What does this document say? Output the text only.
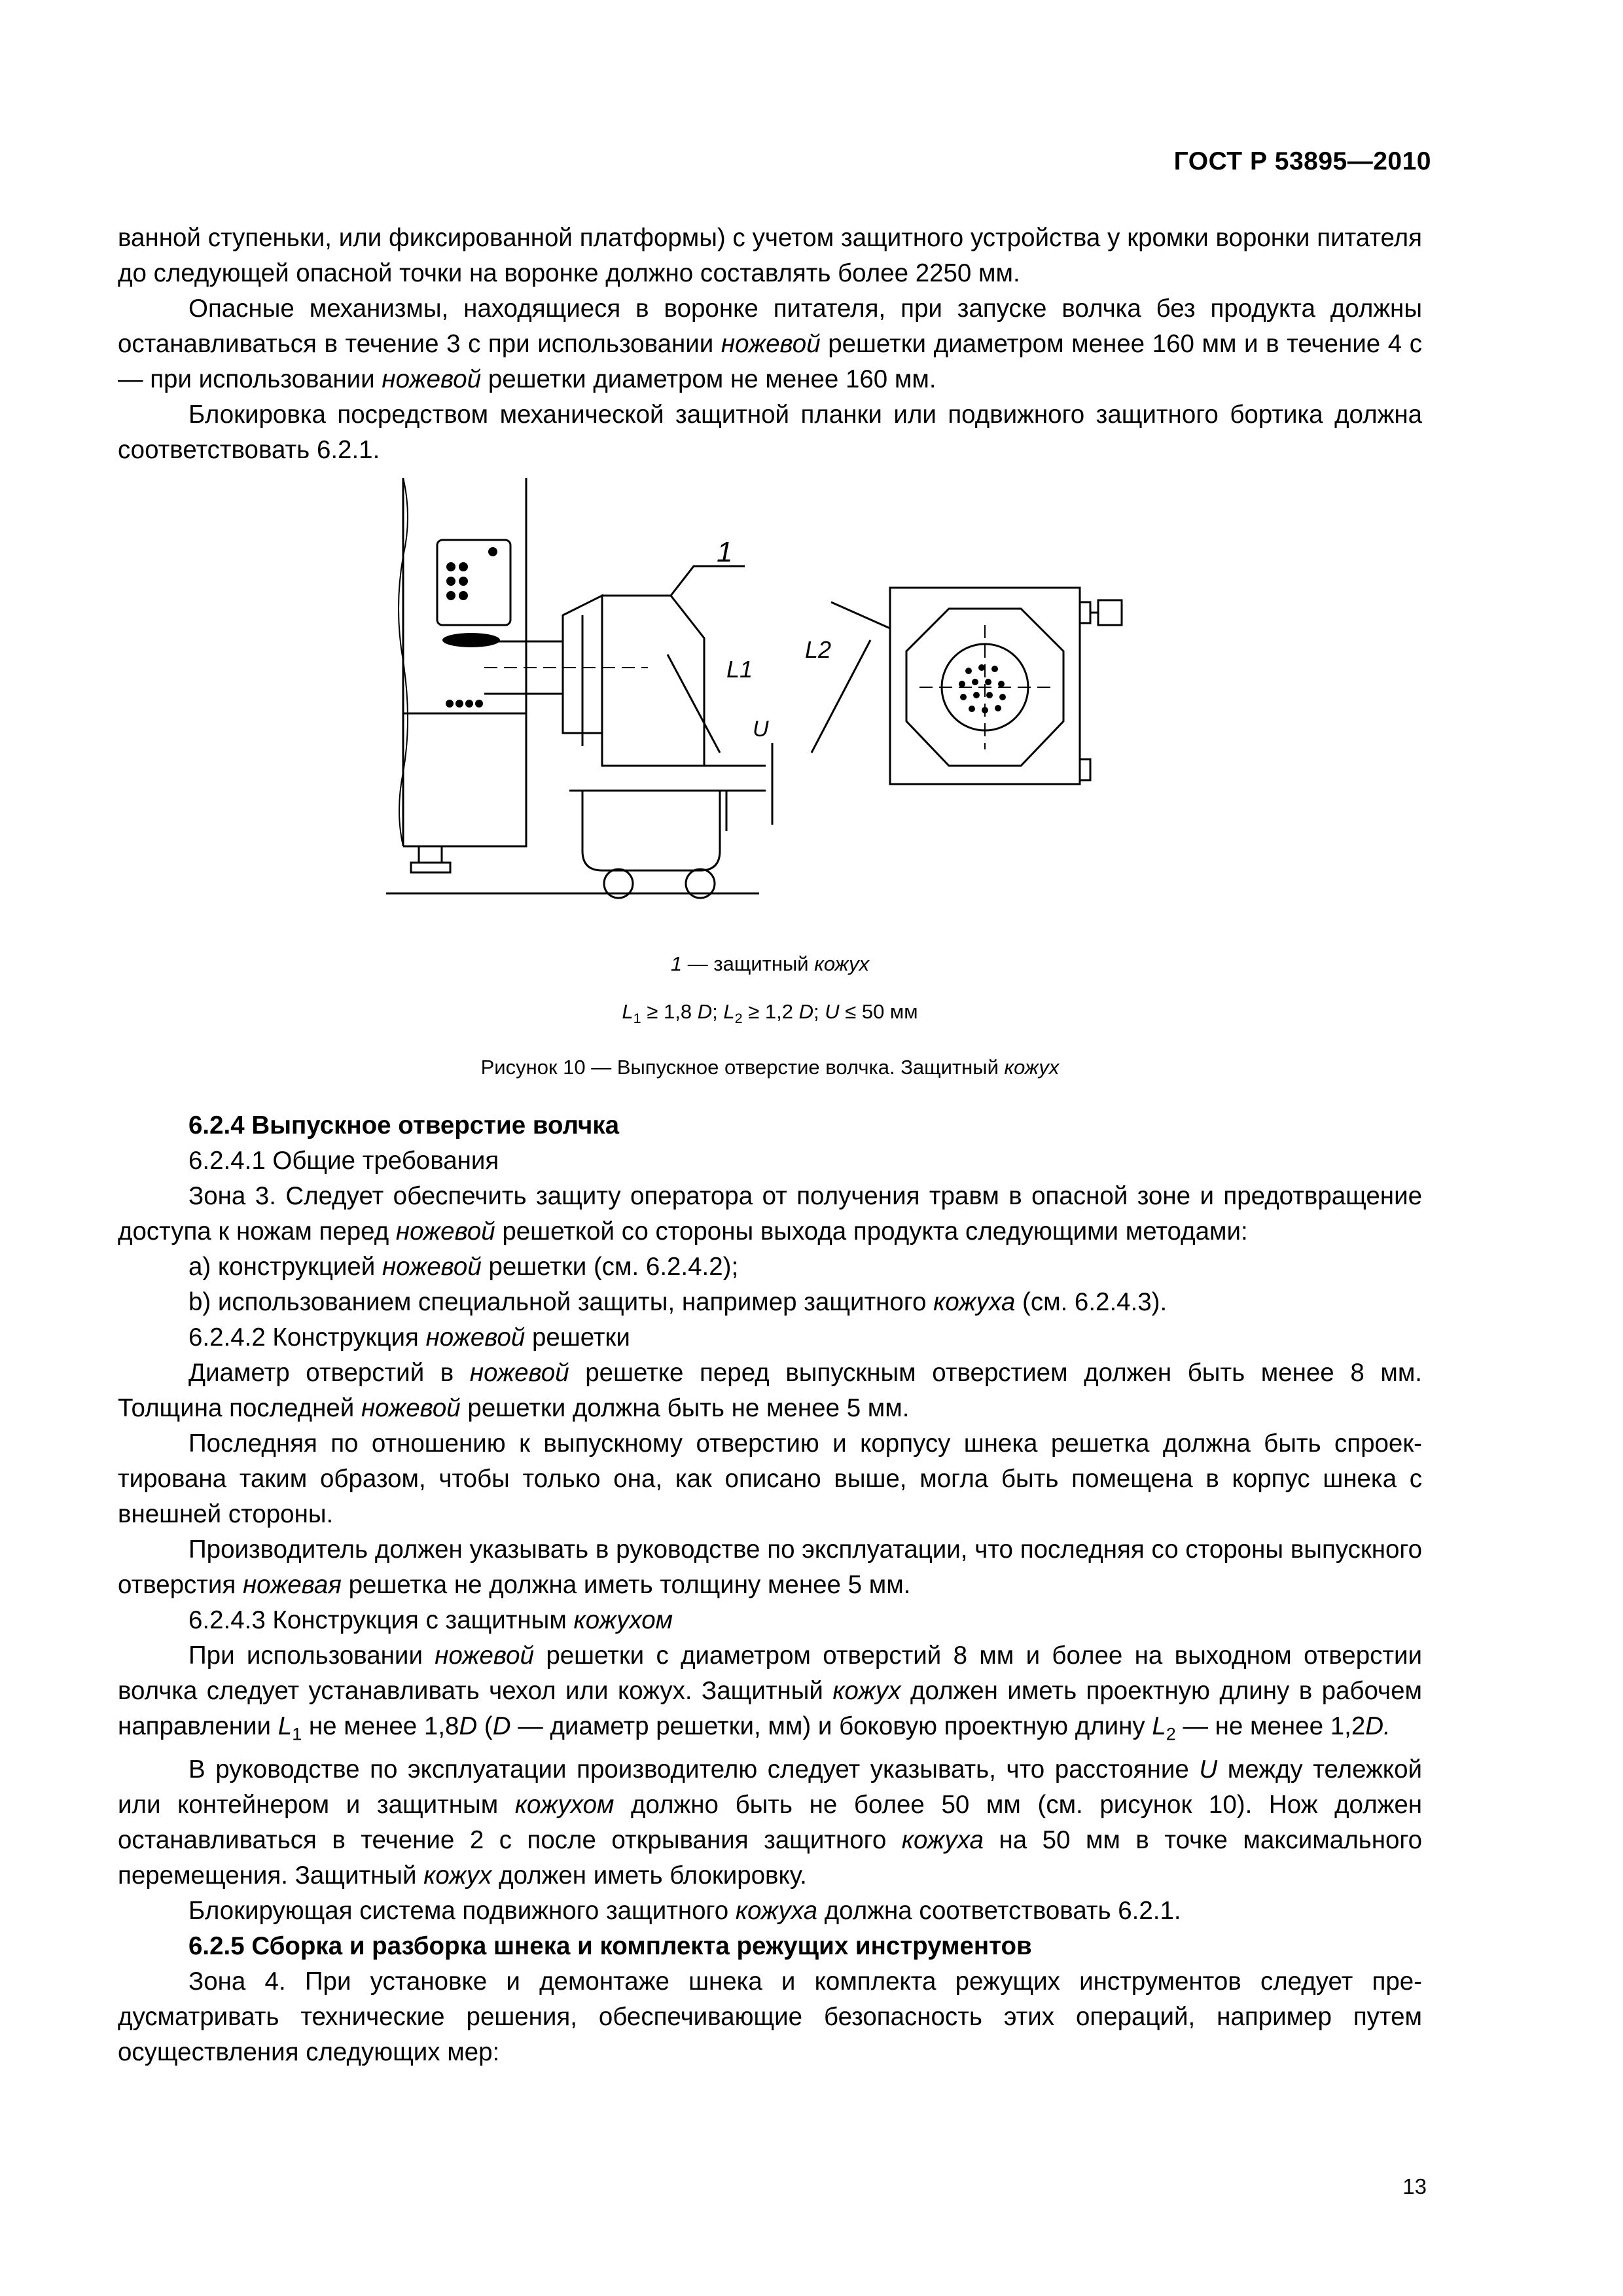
ГОСТ Р 53895—2010

ванной ступеньки, или фиксированной платформы) с учетом защитного устройства у кромки воронки питателя до следующей опасной точки на воронке должно составлять более 2250 мм.

Опасные механизмы, находящиеся в воронке питателя, при запуске волчка без продукта должны останавливаться в течение 3 с при использовании ножевой решетки диаметром менее 160 мм и в течение 4 с — при использовании ножевой решетки диаметром не менее 160 мм.

Блокировка посредством механической защитной планки или подвижного защитного бортика должна соответствовать 6.2.1.

1
L1
L2
U
1 — защитный кожух
$L_1 \ge 1,8$ D; $L_2 \ge 1,2$ D; U ≤ 50 мм
Рисунок 10 — Выпускное отверстие волчка. Защитный кожух

6.2.4 Выпускное отверстие волчка

6.2.4.1 Общие требования

Зона 3. Следует обеспечить защиту оператора от получения травм в опасной зоне и предотвращение доступа к ножам перед ножевой решеткой со стороны выхода продукта следующими методами:

a) конструкцией ножевой решетки (см. 6.2.4.2);

b) использованием специальной защиты, например защитного кожуха (см. 6.2.4.3).

6.2.4.2 Конструкция ножевой решетки

Диаметр отверстий в ножевой решетке перед выпускным отверстием должен быть менее 8 мм. Толщина последней ножевой решетки должна быть не менее 5 мм.

Последняя по отношению к выпускному отверстию и корпусу шнека решетка должна быть спроектирована таким образом, чтобы только она, как описано выше, могла быть помещена в корпус шнека с внешней стороны.

Производитель должен указывать в руководстве по эксплуатации, что последняя со стороны выпускного отверстия ножевая решетка не должна иметь толщину менее 5 мм.

6.2.4.3 Конструкция с защитным кожухом

При использовании ножевой решетки с диаметром отверстий 8 мм и более на выходном отверстии волчка следует устанавливать чехол или кожух. Защитный кожух должен иметь проектную длину в рабочем направлении $L_1$ не менее 1,8D (D — диаметр решетки, мм) и боковую проектную длину $L_2$ — не менее 1,2D.

В руководстве по эксплуатации производителю следует указывать, что расстояние U между тележкой или контейнером и защитным кожухом должно быть не более 50 мм (см. рисунок 10). Нож должен останавливаться в течение 2 с после открывания защитного кожуха на 50 мм в точке максимального перемещения. Защитный кожух должен иметь блокировку.

Блокирующая система подвижного защитного кожуха должна соответствовать 6.2.1.

6.2.5 Сборка и разборка шнека и комплекта режущих инструментов

Зона 4. При установке и демонтаже шнека и комплекта режущих инструментов следует предусматривать технические решения, обеспечивающие безопасность этих операций, например путем осуществления следующих мер:

13
